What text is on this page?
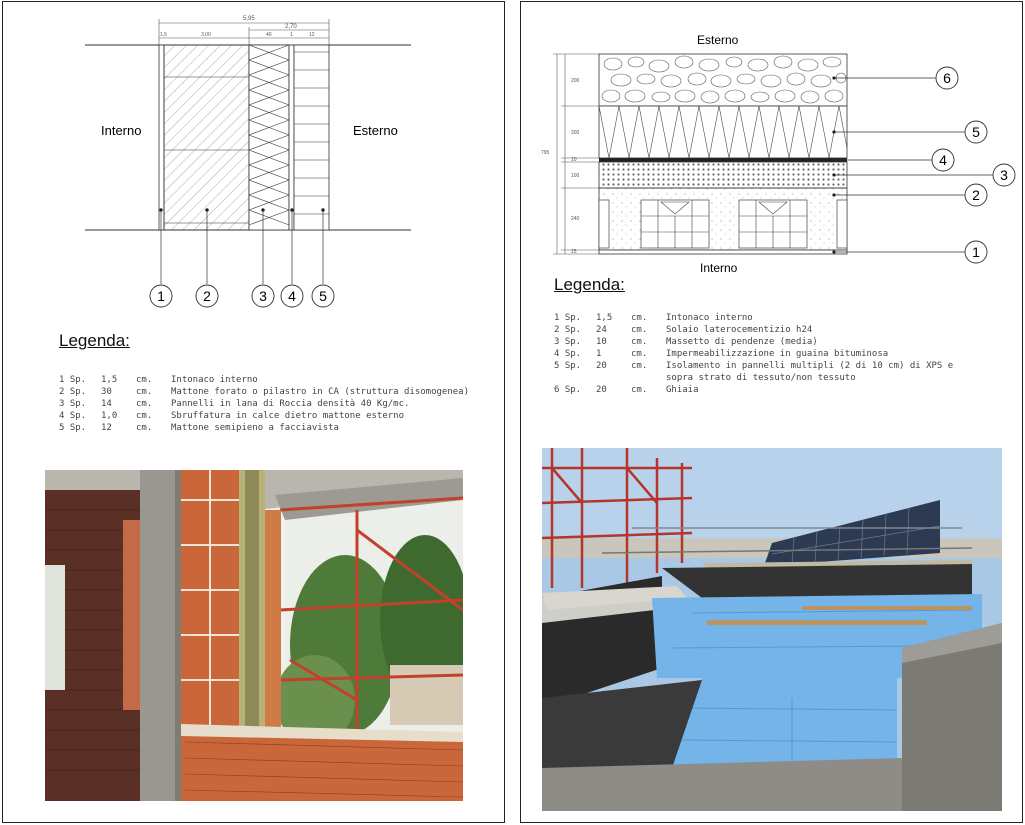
5,95
2,70
1,5	3,00	40	1	12
1	2	3 4 5
Interno	Esterno
Legenda:
1 Sp. 1,5 cm. Intonaco interno
2 Sp. 30	cm. Mattone forato o pilastro in CA (struttura disomogenea)
3 Sp. 14	cm. Pannelli in lana di Roccia densità 40 Kg/mc.
4 Sp. 1,0 cm. Sbruffatura in calce dietro mattone esterno
5 Sp. 12	cm. Mattone semipieno a facciavista
Esterno
795
200
200
100
10
240
15
6
5
4
3
2
1
Interno
Legenda:
1 Sp. 1,5 cm. Intonaco interno
2 Sp. 24	cm. Solaio laterocementizio h24
3 Sp. 10	cm. Massetto di pendenze (media)
4 Sp. 1	cm. Impermeabilizzazione in guaina bituminosa
5 Sp. 20	cm. Isolamento in pannelli multipli (2 di 10 cm) di XPS e
sopra strato di tessuto/non tessuto
6 Sp. 20	cm. Ghiaia
